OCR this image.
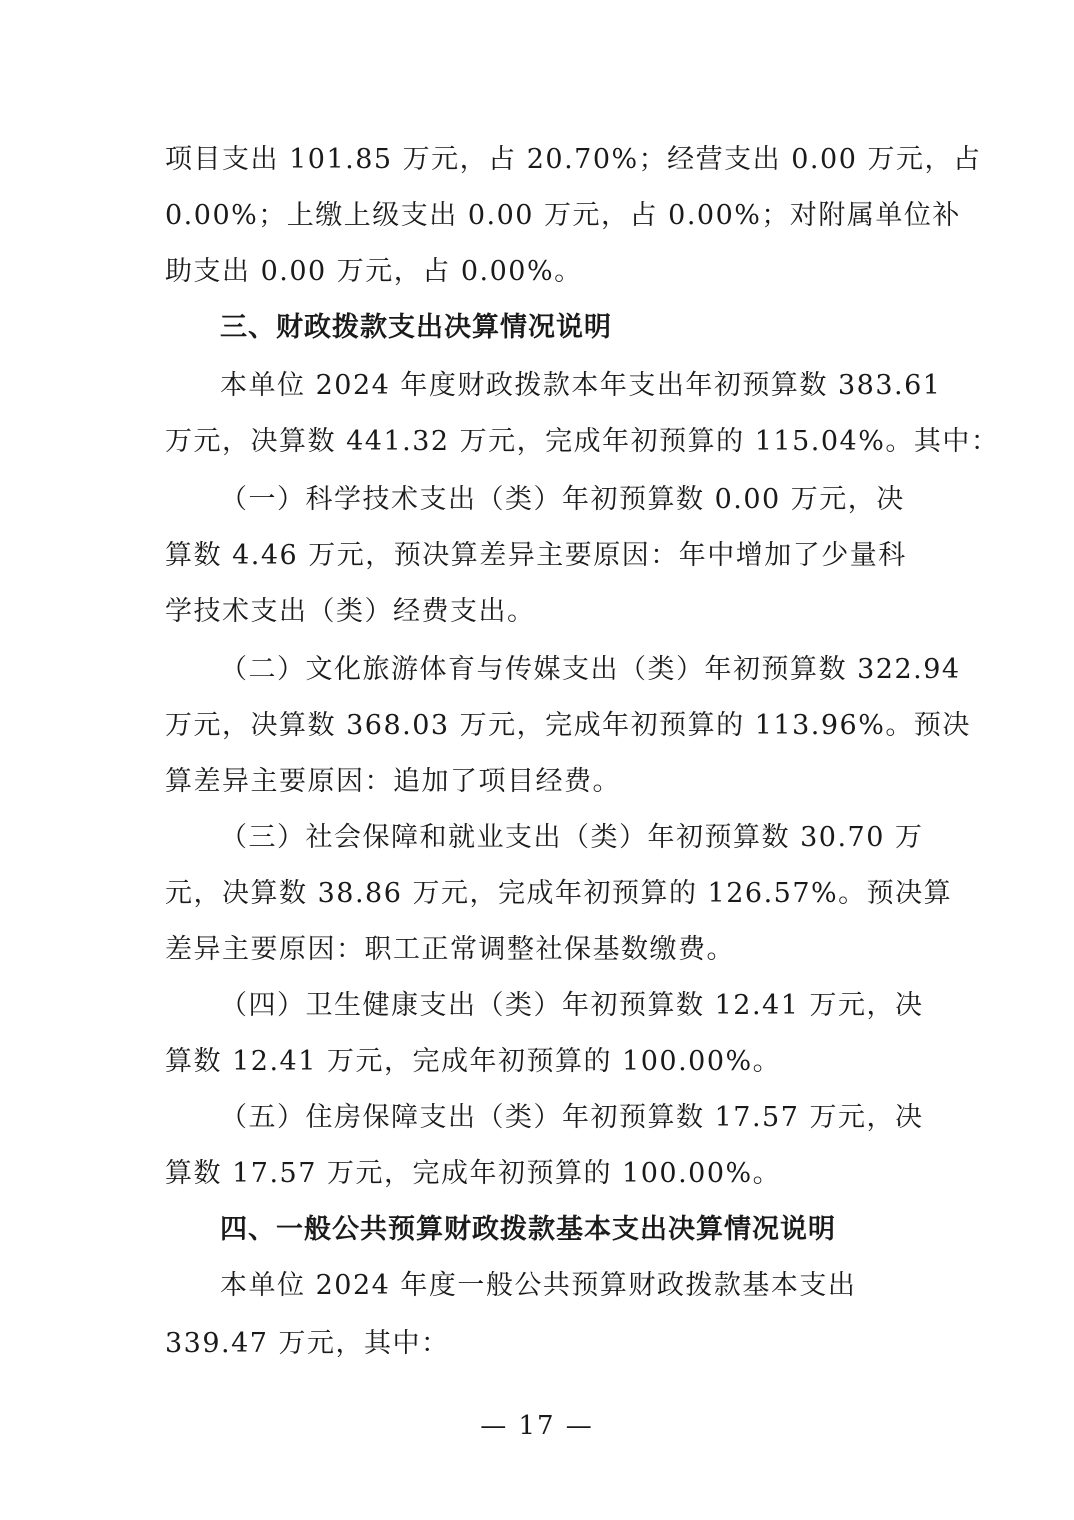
项目支出 101.85 万元，占 20.70%；经营支出 0.00 万元，占
0.00%；上缴上级支出 0.00 万元，占 0.00%；对附属单位补
助支出 0.00 万元，占 0.00%。
三、财政拨款支出决算情况说明
本单位 2024 年度财政拨款本年支出年初预算数 383.61
万元，决算数 441.32 万元，完成年初预算的 115.04%。其中：
（一）科学技术支出（类）年初预算数 0.00 万元，决
算数 4.46 万元，预决算差异主要原因：年中增加了少量科
学技术支出（类）经费支出。
（二）文化旅游体育与传媒支出（类）年初预算数 322.94
万元，决算数 368.03 万元，完成年初预算的 113.96%。预决
算差异主要原因：追加了项目经费。
（三）社会保障和就业支出（类）年初预算数 30.70 万
元，决算数 38.86 万元，完成年初预算的 126.57%。预决算
差异主要原因：职工正常调整社保基数缴费。
（四）卫生健康支出（类）年初预算数 12.41 万元，决
算数 12.41 万元，完成年初预算的 100.00%。
（五）住房保障支出（类）年初预算数 17.57 万元，决
算数 17.57 万元，完成年初预算的 100.00%。
四、一般公共预算财政拨款基本支出决算情况说明
本单位 2024 年度一般公共预算财政拨款基本支出
339.47 万元，其中：
— 17 —
